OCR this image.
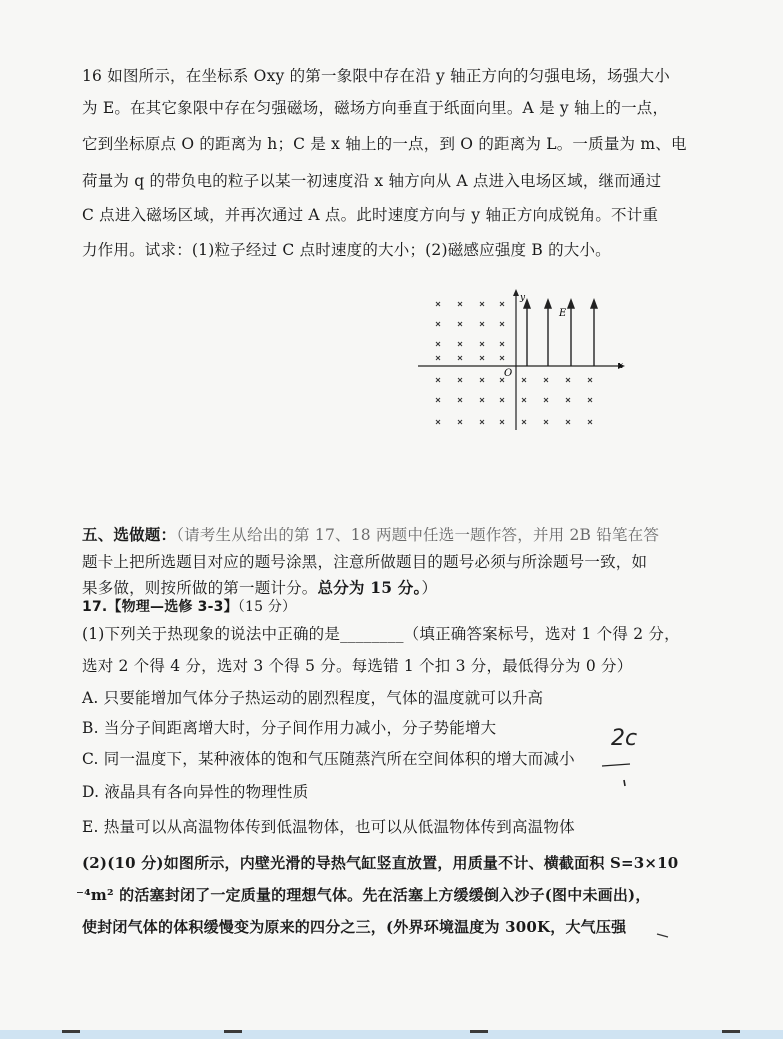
16 如图所示，在坐标系 Oxy 的第一象限中存在沿 y 轴正方向的匀强电场，场强大小
为 E。在其它象限中存在匀强磁场，磁场方向垂直于纸面向里。A 是 y 轴上的一点，
它到坐标原点 O 的距离为 h；C 是 x 轴上的一点，到 O 的距离为 L。一质量为 m、电
荷量为 q 的带负电的粒子以某一初速度沿 x 轴方向从 A 点进入电场区域，继而通过
C 点进入磁场区域，并再次通过 A 点。此时速度方向与 y 轴正方向成锐角。不计重
力作用。试求：(1)粒子经过 C 点时速度的大小；(2)磁感应强度 B 的大小。
y
E
x
O
五、选做题：（请考生从给出的第 17、18 两题中任选一题作答，并用 2B 铅笔在答
题卡上把所选题目对应的题号涂黑，注意所做题目的题号必须与所涂题号一致，如
果多做，则按所做的第一题计分。总分为 15 分。）
17.【物理—选修 3-3】（15 分）
(1)下列关于热现象的说法中正确的是________（填正确答案标号，选对 1 个得 2 分，
选对 2 个得 4 分，选对 3 个得 5 分。每选错 1 个扣 3 分，最低得分为 0 分）
A. 只要能增加气体分子热运动的剧烈程度，气体的温度就可以升高
B. 当分子间距离增大时，分子间作用力减小，分子势能增大
C. 同一温度下，某种液体的饱和气压随蒸汽所在空间体积的增大而减小
D. 液晶具有各向异性的物理性质
E. 热量可以从高温物体传到低温物体，也可以从低温物体传到高温物体
(2)(10 分)如图所示，内壁光滑的导热气缸竖直放置，用质量不计、横截面积 S=3×10
⁻⁴m² 的活塞封闭了一定质量的理想气体。先在活塞上方缓缓倒入沙子(图中未画出)，
使封闭气体的体积缓慢变为原来的四分之三，(外界环境温度为 300K，大气压强
2c
